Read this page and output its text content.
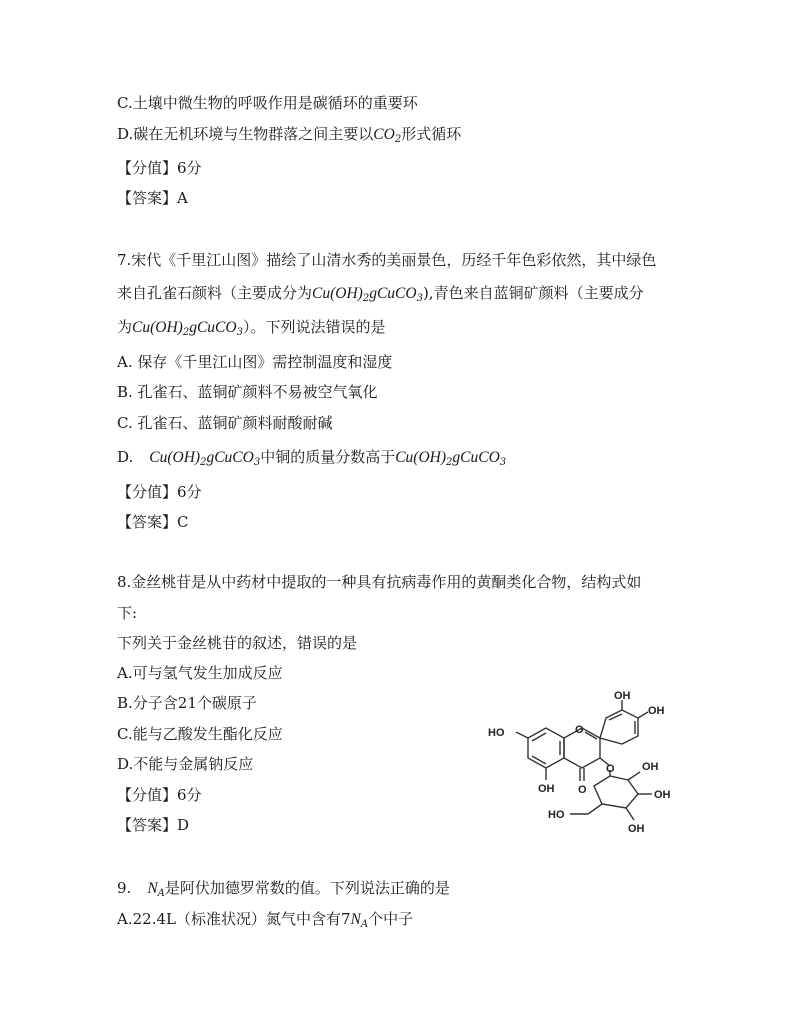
C.土壤中微生物的呼吸作用是碳循环的重要环
D.碳在无机环境与生物群落之间主要以$CO_2$形式循环
【分值】6分
【答案】A
7.宋代《千里江山图》描绘了山清水秀的美丽景色，历经千年色彩依然，其中绿色
来自孔雀石颜料（主要成分为$Cu(OH)_2gCuCO_3$),青色来自蓝铜矿颜料（主要成分
为$Cu(OH)_2gCuCO_3$）。下列说法错误的是
A. 保存《千里江山图》需控制温度和湿度
B. 孔雀石、蓝铜矿颜料不易被空气氧化
C. 孔雀石、蓝铜矿颜料耐酸耐碱
D. $Cu(OH)_2gCuCO_3$中铜的质量分数高于$Cu(OH)_2gCuCO_3$
【分值】6分
【答案】C
8.金丝桃苷是从中药材中提取的一种具有抗病毒作用的黄酮类化合物，结构式如
下:
下列关于金丝桃苷的叙述，错误的是
A.可与氢气发生加成反应
B.分子含21个碳原子
C.能与乙酸发生酯化反应
D.不能与金属钠反应
【分值】6分
【答案】D
OH
OH
HO	O
O
OH
O OH
OH
OH
HO
9. $N_A$是阿伏加德罗常数的值。下列说法正确的是
A.22.4L（标准状况）氮气中含有$7N_A$个中子
